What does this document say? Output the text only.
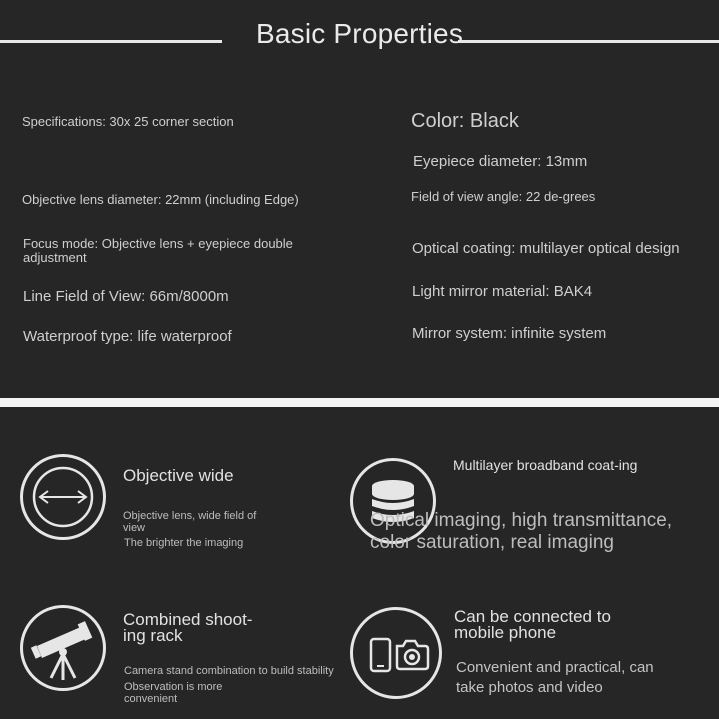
Basic Properties
Specifications: 30x 25 corner section
Objective lens diameter: 22mm (including Edge)
Focus mode: Objective lens + eyepiece double adjustment
Line Field of View: 66m/8000m
Waterproof type: life waterproof
Color: Black
Eyepiece diameter: 13mm
Field of view angle: 22 de-grees
Optical coating: multilayer optical design
Light mirror material: BAK4
Mirror system: infinite system
Objective wide
Objective lens, wide field of view
The brighter the imaging
Multilayer broadband coat-ing
Optical imaging, high transmittance, color saturation, real imaging
Combined shoot-ing rack
Camera stand combination to build stability
Observation is more convenient
Can be connected to mobile phone
Convenient and practical, can take photos and video
